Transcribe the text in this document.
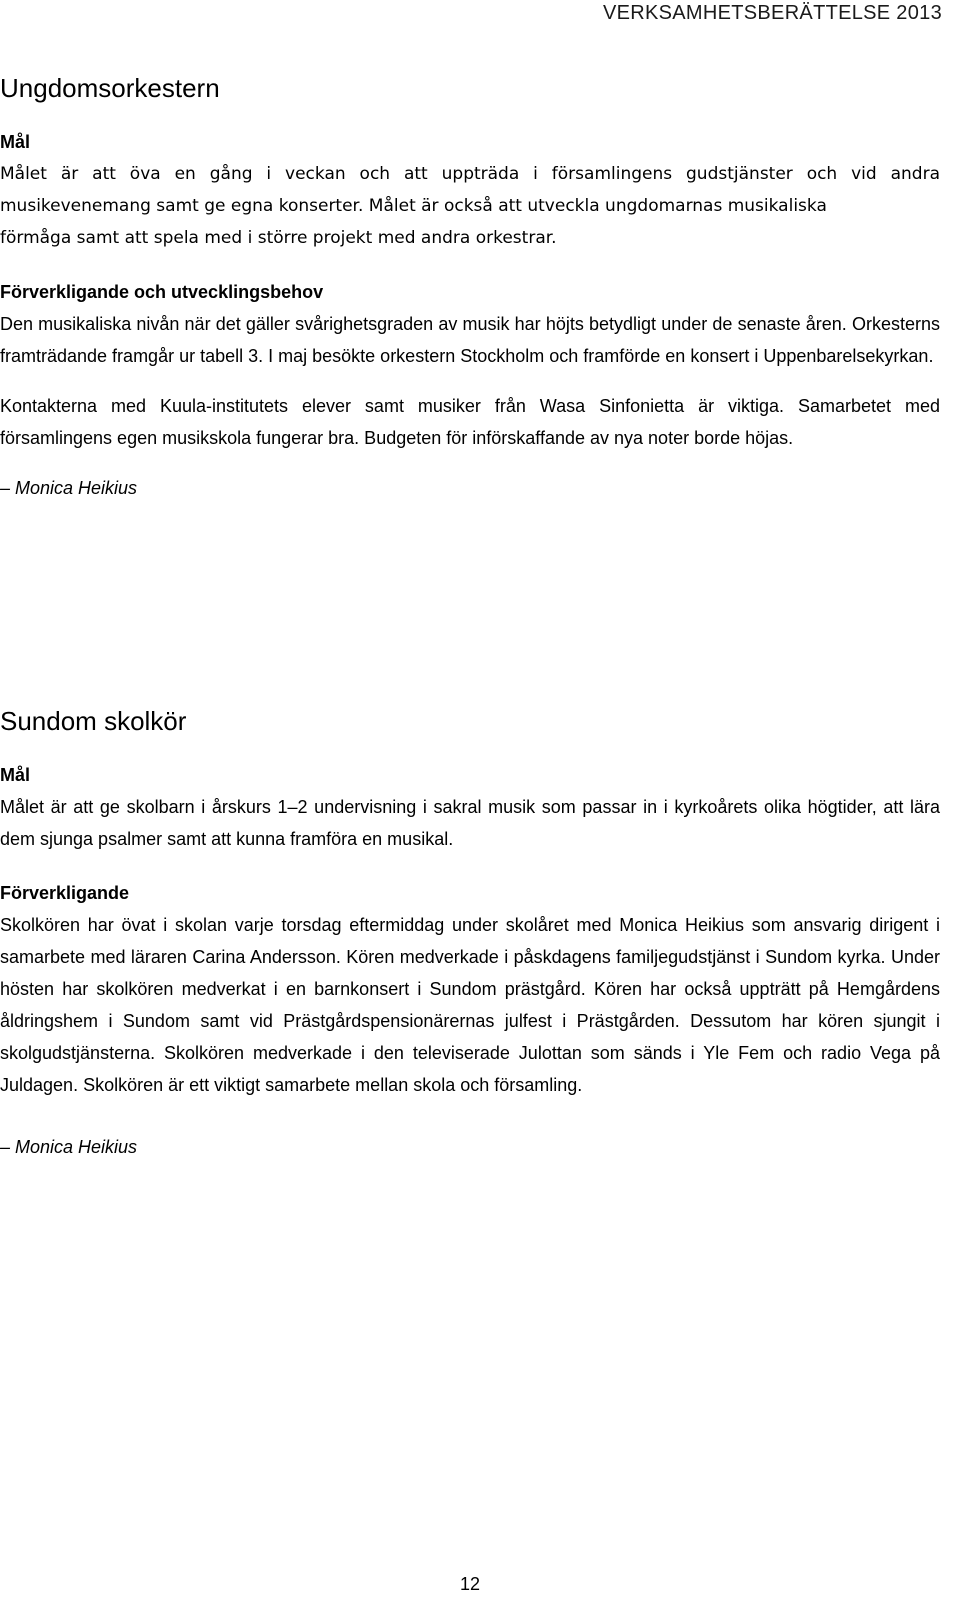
VERKSAMHETSBERÄTTELSE 2013
Ungdomsorkestern
Mål

Målet är att öva en gång i veckan och att uppträda i församlingens gudstjänster och vid andra musikevenemang samt ge egna konserter. Målet är också att utveckla ungdomarnas musikaliska

förmåga samt att spela med i större projekt med andra orkestrar.

Förverkligande och utvecklingsbehov

Den musikaliska nivån när det gäller svårighetsgraden av musik har höjts betydligt under de senaste åren. Orkesterns framträdande framgår ur tabell 3. I maj besökte orkestern Stockholm och framförde en konsert i Uppenbarelsekyrkan.

Kontakterna med Kuula-institutets elever samt musiker från Wasa Sinfonietta är viktiga. Samarbetet med församlingens egen musikskola fungerar bra. Budgeten för införskaffande av nya noter borde höjas.

– Monica Heikius
Sundom skolkör
Mål

Målet är att ge skolbarn i årskurs 1–2 undervisning i sakral musik som passar in i kyrkoårets olika högtider, att lära dem sjunga psalmer samt att kunna framföra en musikal.

Förverkligande

Skolkören har övat i skolan varje torsdag eftermiddag under skolåret med Monica Heikius som ansvarig dirigent i samarbete med läraren Carina Andersson. Kören medverkade i påskdagens familjegudstjänst i Sundom kyrka. Under hösten har skolkören medverkat i en barnkonsert i Sundom prästgård. Kören har också uppträtt på Hemgårdens åldringshem i Sundom samt vid Prästgårdspensionärernas julfest i Prästgården. Dessutom har kören sjungit i skolgudstjänsterna. Skolkören medverkade i den televiserade Julottan som sänds i Yle Fem och radio Vega på Juldagen. Skolkören är ett viktigt samarbete mellan skola och församling.

– Monica Heikius
12
